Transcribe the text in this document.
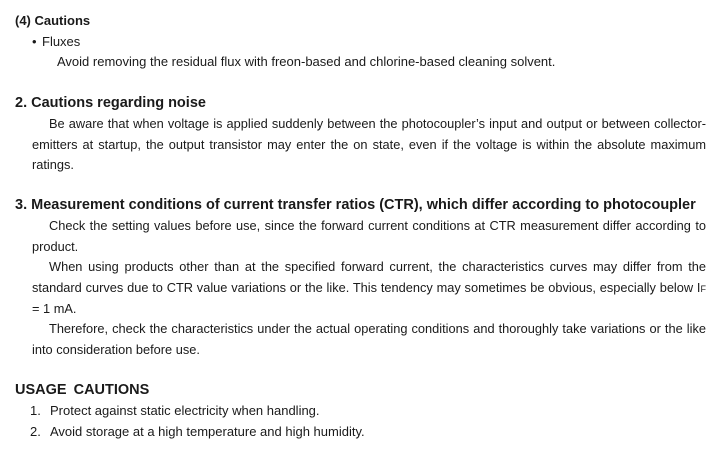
(4) Cautions
• Fluxes
Avoid removing the residual flux with freon-based and chlorine-based cleaning solvent.
2. Cautions regarding noise
Be aware that when voltage is applied suddenly between the photocoupler’s input and output or between collector-emitters at startup, the output transistor may enter the on state, even if the voltage is within the absolute maximum ratings.
3. Measurement conditions of current transfer ratios (CTR), which differ according to photocoupler
Check the setting values before use, since the forward current conditions at CTR measurement differ according to product.
When using products other than at the specified forward current, the characteristics curves may differ from the standard curves due to CTR value variations or the like. This tendency may sometimes be obvious, especially below IF = 1 mA.
Therefore, check the characteristics under the actual operating conditions and thoroughly take variations or the like into consideration before use.
USAGE CAUTIONS
1. Protect against static electricity when handling.
2. Avoid storage at a high temperature and high humidity.
